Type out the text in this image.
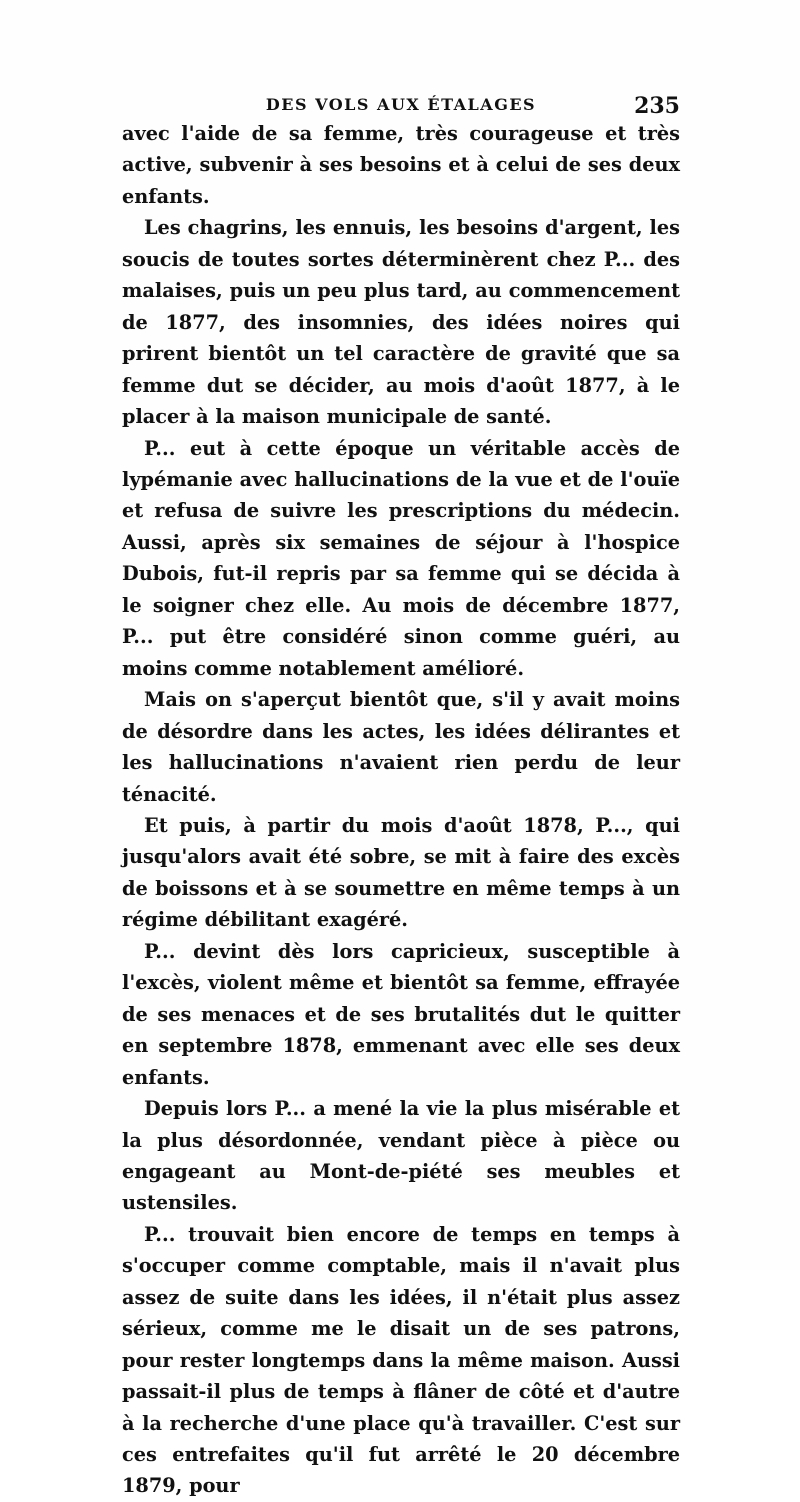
DES VOLS AUX ÉTALAGES	235

avec l'aide de sa femme, très courageuse et très active, subvenir à ses besoins et à celui de ses deux enfants.

Les chagrins, les ennuis, les besoins d'argent, les soucis de toutes sortes déterminèrent chez P... des malaises, puis un peu plus tard, au commencement de 1877, des insomnies, des idées noires qui prirent bientôt un tel caractère de gravité que sa femme dut se décider, au mois d'août 1877, à le placer à la maison municipale de santé.

P... eut à cette époque un véritable accès de lypémanie avec hallucinations de la vue et de l'ouïe et refusa de suivre les prescriptions du médecin. Aussi, après six semaines de séjour à l'hospice Dubois, fut-il repris par sa femme qui se décida à le soigner chez elle. Au mois de décembre 1877, P... put être considéré sinon comme guéri, au moins comme notablement amélioré.

Mais on s'aperçut bientôt que, s'il y avait moins de désordre dans les actes, les idées délirantes et les hallucinations n'avaient rien perdu de leur ténacité.

Et puis, à partir du mois d'août 1878, P..., qui jusqu'alors avait été sobre, se mit à faire des excès de boissons et à se soumettre en même temps à un régime débilitant exagéré.

P... devint dès lors capricieux, susceptible à l'excès, violent même et bientôt sa femme, effrayée de ses menaces et de ses brutalités dut le quitter en septembre 1878, emmenant avec elle ses deux enfants.

Depuis lors P... a mené la vie la plus misérable et la plus désordonnée, vendant pièce à pièce ou engageant au Mont-de-piété ses meubles et ustensiles.

P... trouvait bien encore de temps en temps à s'occuper comme comptable, mais il n'avait plus assez de suite dans les idées, il n'était plus assez sérieux, comme me le disait un de ses patrons, pour rester longtemps dans la même maison. Aussi passait-il plus de temps à flâner de côté et d'autre à la recherche d'une place qu'à travailler. C'est sur ces entrefaites qu'il fut arrêté le 20 décembre 1879, pour
